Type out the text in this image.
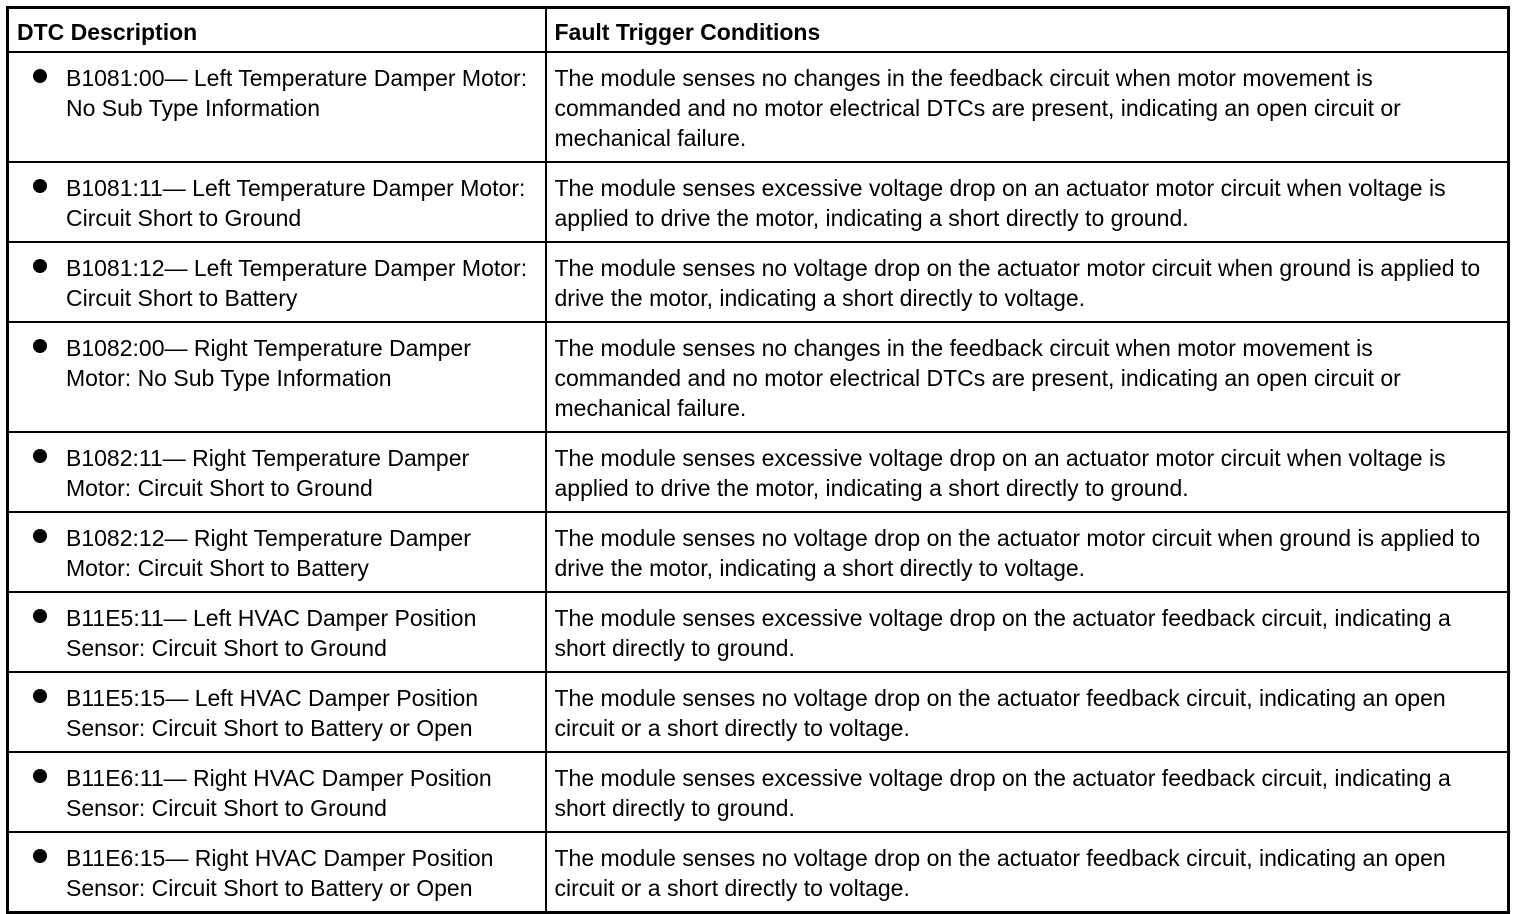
DTC Description	Fault Trigger Conditions

B1081:00— Left Temperature Damper Motor: No Sub Type Information	The module senses no changes in the feedback circuit when motor movement is commanded and no motor electrical DTCs are present, indicating an open circuit or mechanical failure.

B1081:11— Left Temperature Damper Motor: Circuit Short to Ground	The module senses excessive voltage drop on an actuator motor circuit when voltage is applied to drive the motor, indicating a short directly to ground.

B1081:12— Left Temperature Damper Motor: Circuit Short to Battery	The module senses no voltage drop on the actuator motor circuit when ground is applied to drive the motor, indicating a short directly to voltage.

B1082:00— Right Temperature Damper Motor: No Sub Type Information	The module senses no changes in the feedback circuit when motor movement is commanded and no motor electrical DTCs are present, indicating an open circuit or mechanical failure.

B1082:11— Right Temperature Damper Motor: Circuit Short to Ground	The module senses excessive voltage drop on an actuator motor circuit when voltage is applied to drive the motor, indicating a short directly to ground.

B1082:12— Right Temperature Damper Motor: Circuit Short to Battery	The module senses no voltage drop on the actuator motor circuit when ground is applied to drive the motor, indicating a short directly to voltage.

B11E5:11— Left HVAC Damper Position Sensor: Circuit Short to Ground	The module senses excessive voltage drop on the actuator feedback circuit, indicating a short directly to ground.

B11E5:15— Left HVAC Damper Position Sensor: Circuit Short to Battery or Open	The module senses no voltage drop on the actuator feedback circuit, indicating an open circuit or a short directly to voltage.

B11E6:11— Right HVAC Damper Position Sensor: Circuit Short to Ground	The module senses excessive voltage drop on the actuator feedback circuit, indicating a short directly to ground.

B11E6:15— Right HVAC Damper Position Sensor: Circuit Short to Battery or Open	The module senses no voltage drop on the actuator feedback circuit, indicating an open circuit or a short directly to voltage.
